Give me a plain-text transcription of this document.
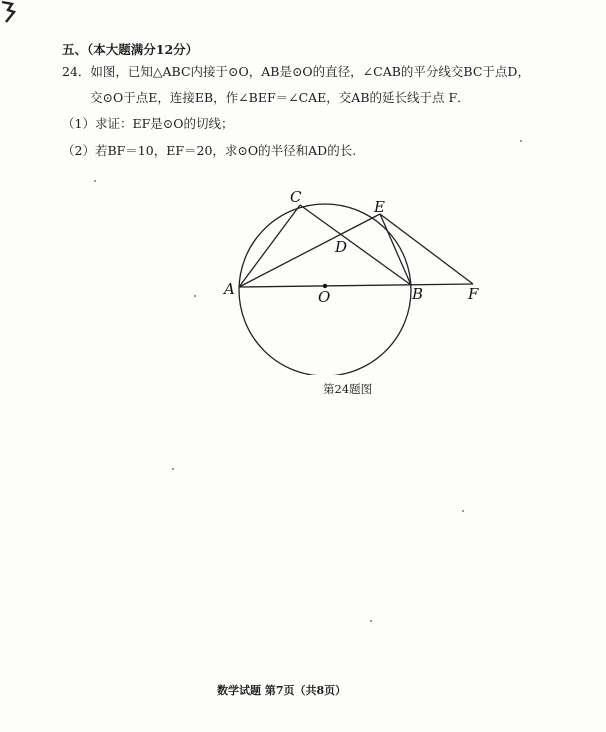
五、（本大题满分12分）
24．如图，已知△ABC内接于⊙O，AB是⊙O的直径，∠CAB的平分线交BC于点D，
交⊙O于点E，连接EB，作∠BEF＝∠CAE，交AB的延长线于点 F．
（1）求证：EF是⊙O的切线；
（2）若BF＝10，EF＝20，求⊙O的半径和AD的长.
C
E
D
A	O	B	F
第24题图
数学试题 第7页（共8页）
